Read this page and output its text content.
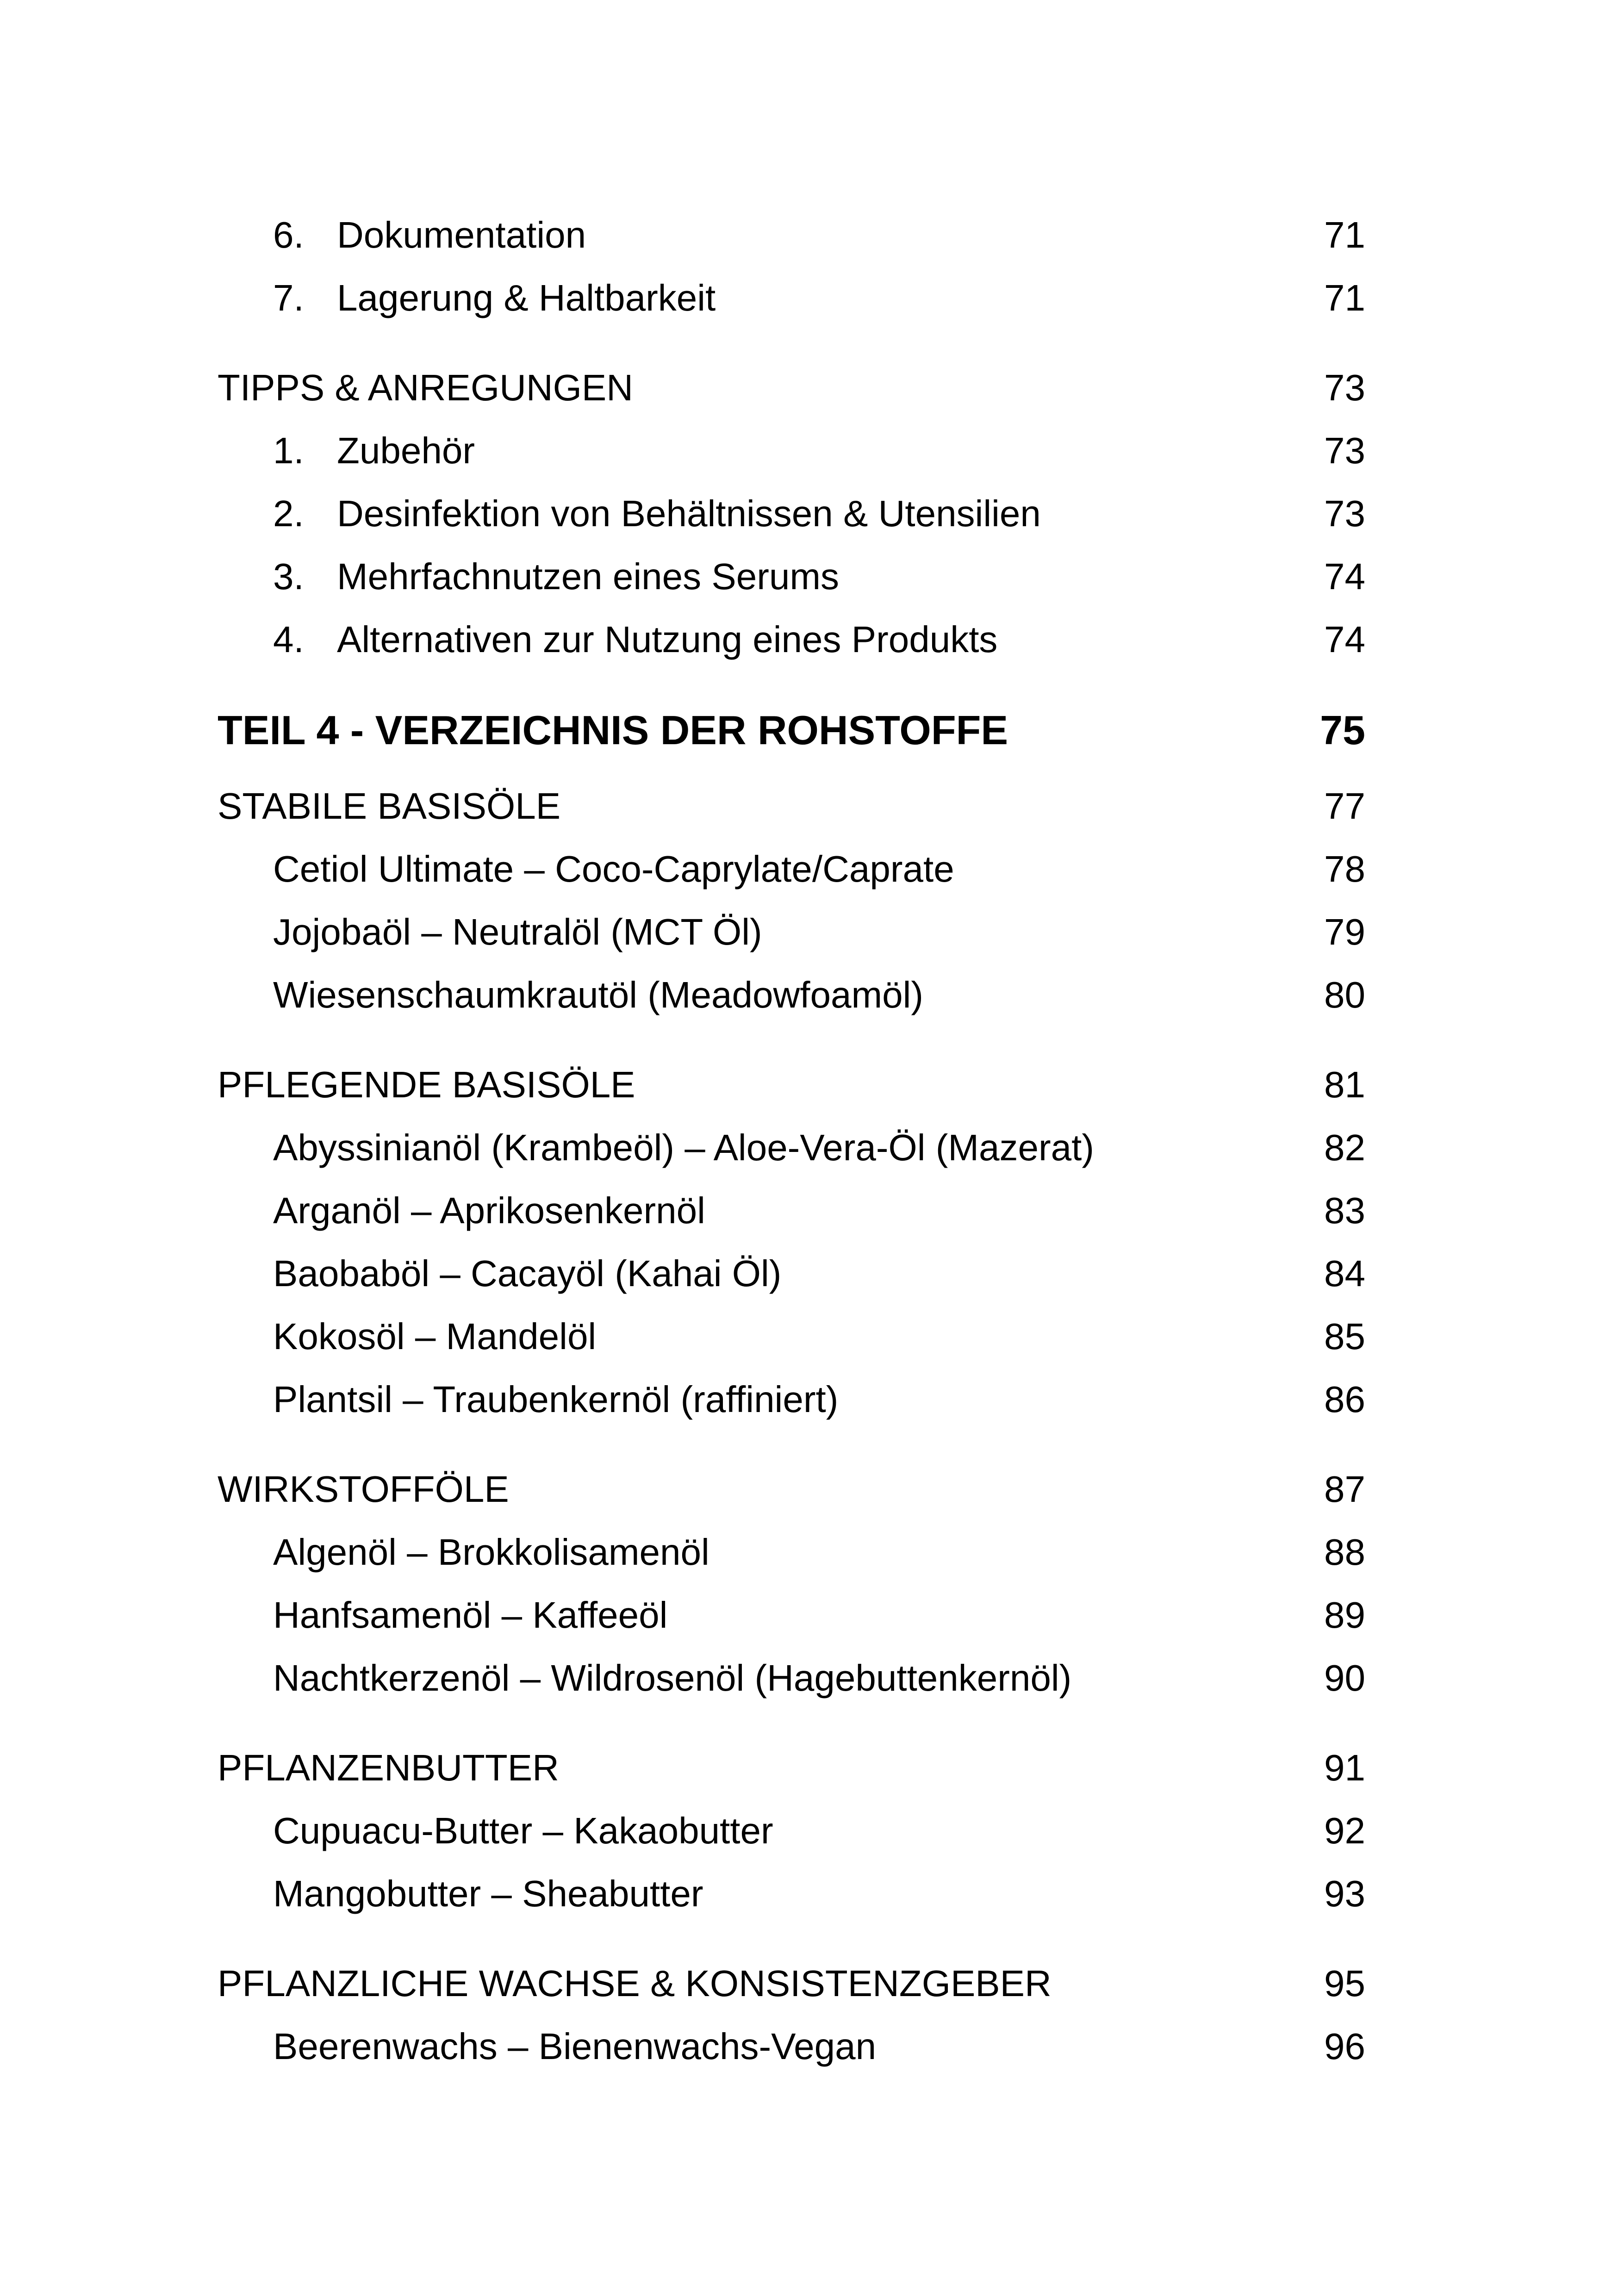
6. Dokumentation	71
7. Lagerung & Haltbarkeit	71
TIPPS & ANREGUNGEN	73
1. Zubehör	73
2. Desinfektion von Behältnissen & Utensilien	73
3. Mehrfachnutzen eines Serums	74
4. Alternativen zur Nutzung eines Produkts	74
TEIL 4 - VERZEICHNIS DER ROHSTOFFE	75
STABILE BASISÖLE	77
Cetiol Ultimate – Coco-Caprylate/Caprate	78
Jojobaöl – Neutralöl (MCT Öl)	79
Wiesenschaumkrautöl (Meadowfoamöl)	80
PFLEGENDE BASISÖLE	81
Abyssinianöl (Krambeöl) – Aloe-Vera-Öl (Mazerat)	82
Arganöl – Aprikosenkernöl	83
Baobaböl – Cacayöl (Kahai Öl)	84
Kokosöl – Mandelöl	85
Plantsil – Traubenkernöl (raffiniert)	86
WIRKSTOFFÖLE	87
Algenöl – Brokkolisamenöl	88
Hanfsamenöl – Kaffeeöl	89
Nachtkerzenöl – Wildrosenöl (Hagebuttenkernöl)	90
PFLANZENBUTTER	91
Cupuacu-Butter – Kakaobutter	92
Mangobutter – Sheabutter	93
PFLANZLICHE WACHSE & KONSISTENZGEBER	95
Beerenwachs – Bienenwachs-Vegan	96
